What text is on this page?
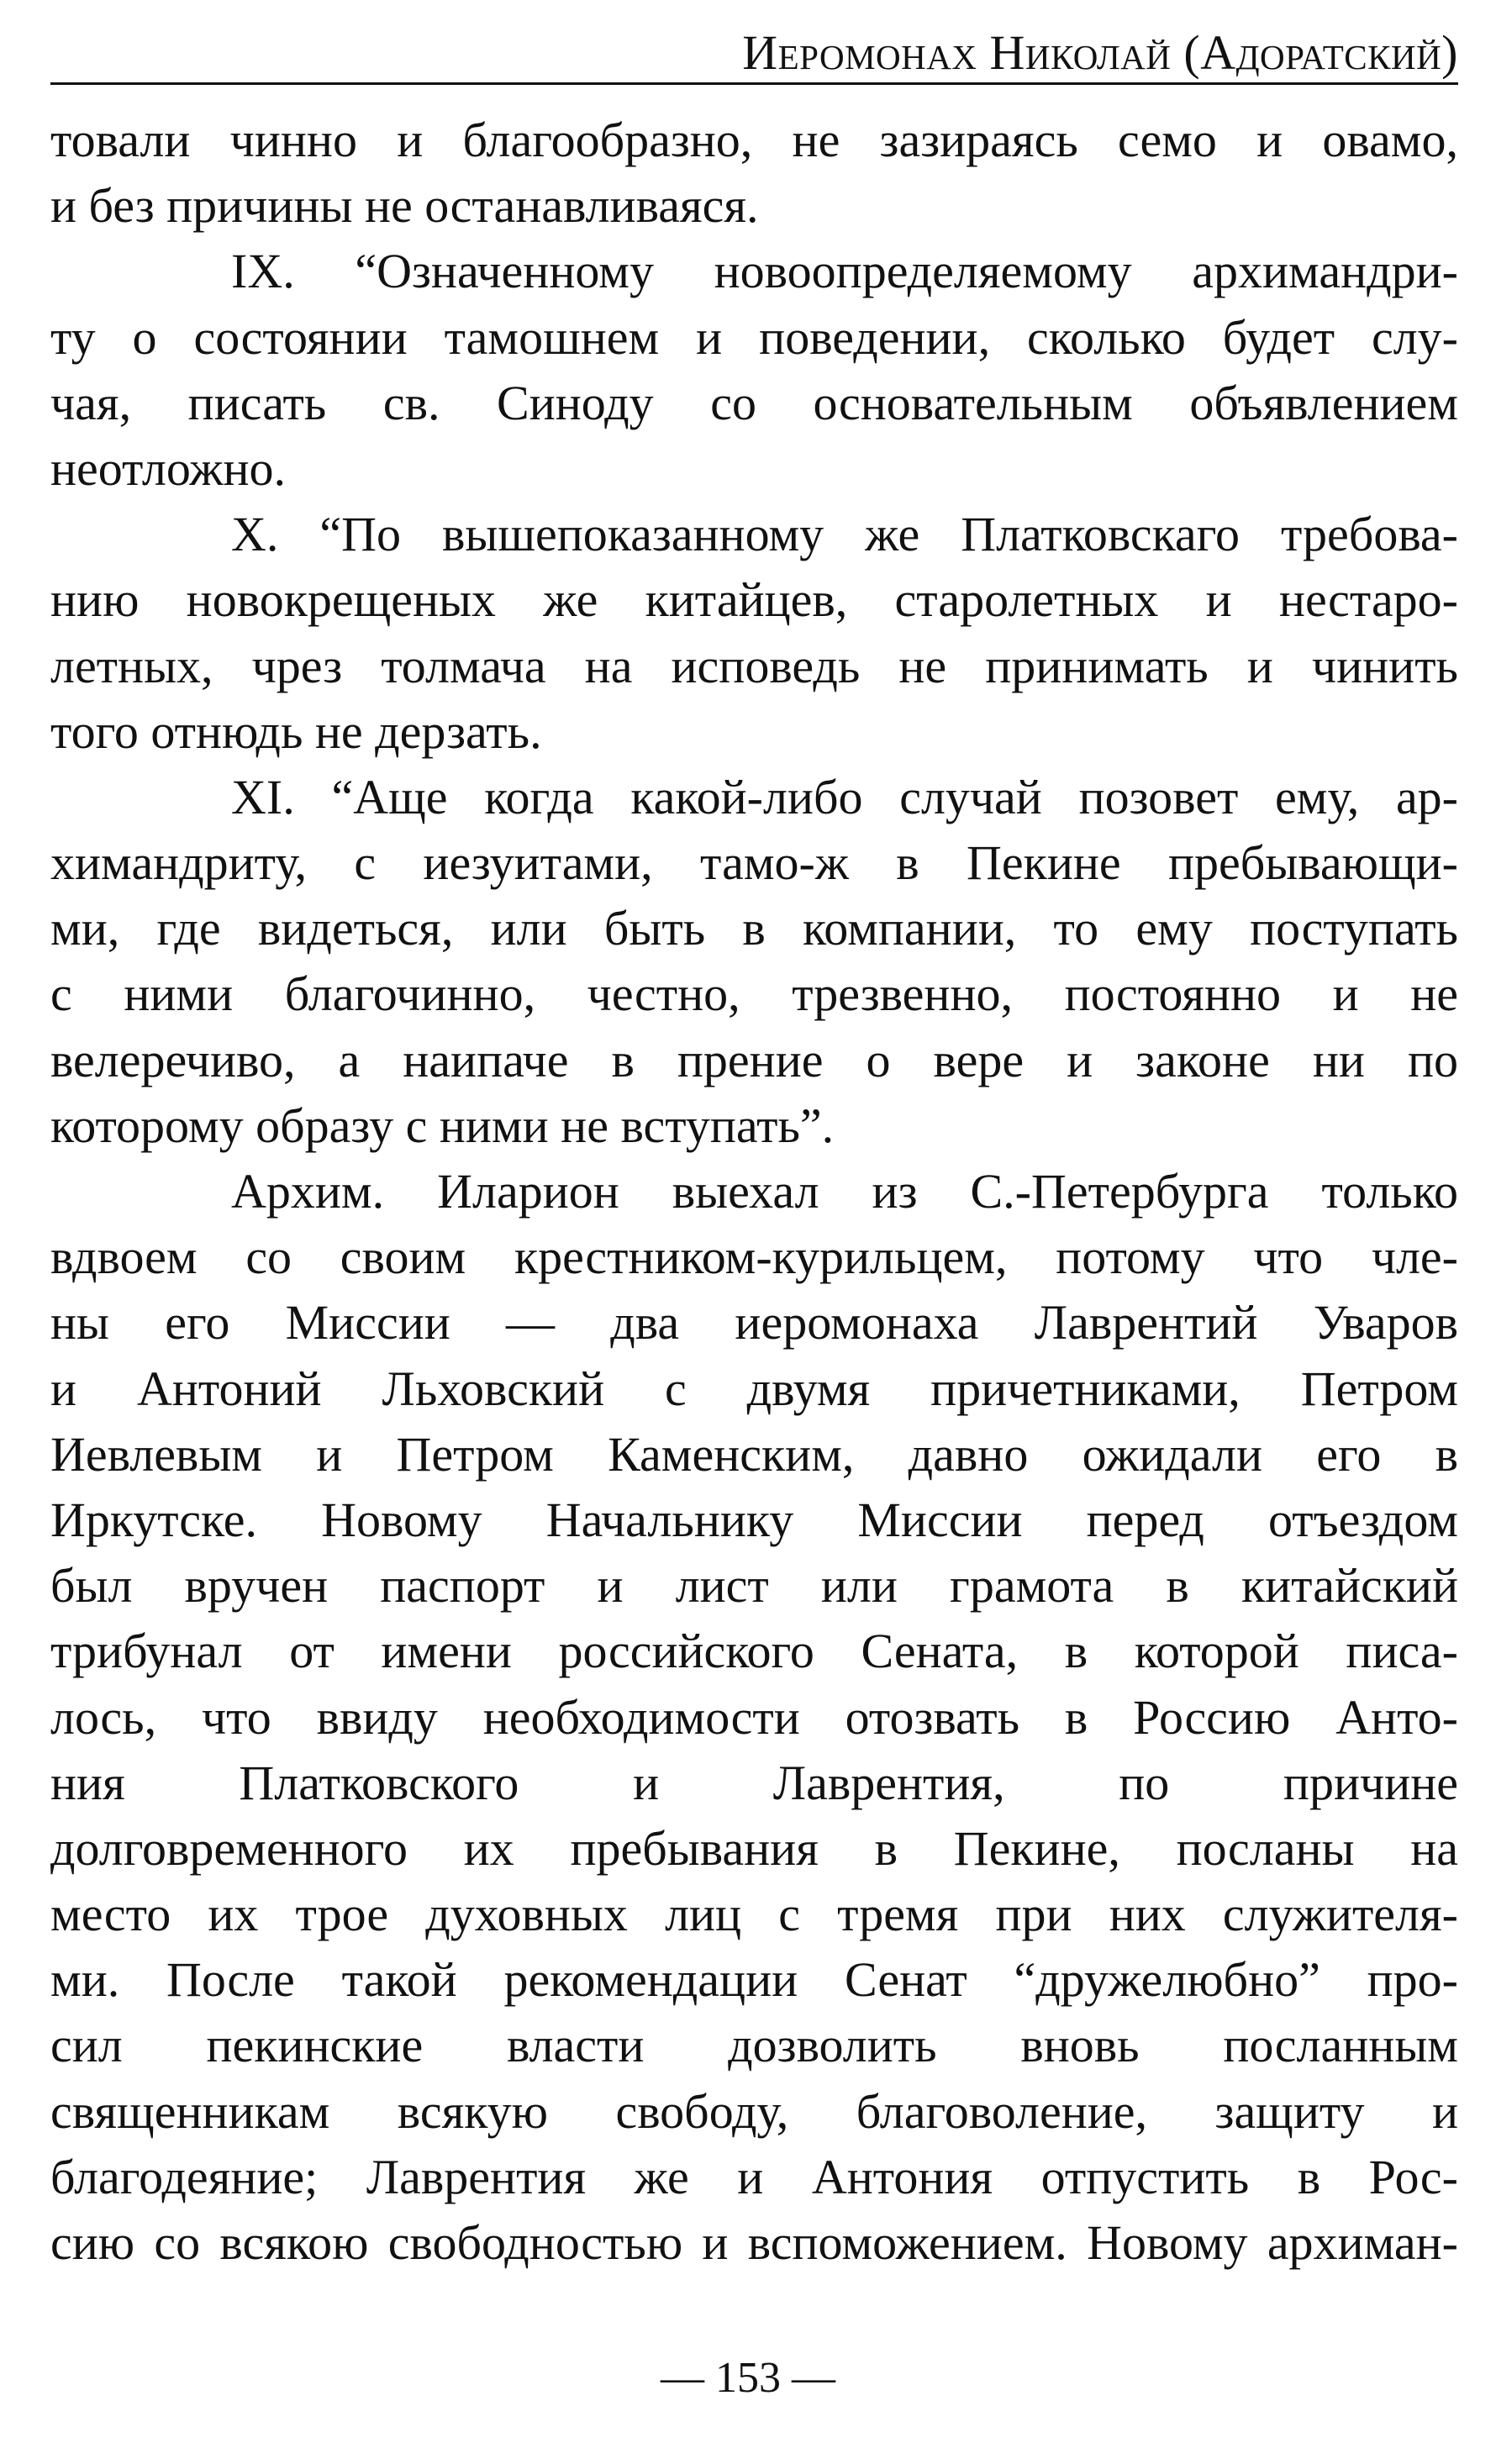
Иеромонах Николай (Адоратский)
товали чинно и благообразно, не зазираясь семо и овамо,
и без причины не останавливаяся.
IX. “Означенному новоопределяемому архимандри-
ту о состоянии тамошнем и поведении, сколько будет слу-
чая, писать св. Синоду со основательным объявлением
неотложно.
X. “По вышепоказанному же Платковскаго требова-
нию новокрещеных же китайцев, старолетных и нестаро-
летных, чрез толмача на исповедь не принимать и чинить
того отнюдь не дерзать.
XI. “Аще когда какой-либо случай позовет ему, ар-
химандриту, с иезуитами, тамо-ж в Пекине пребывающи-
ми, где видеться, или быть в компании, то ему поступать
с ними благочинно, честно, трезвенно, постоянно и не
велеречиво, а наипаче в прение о вере и законе ни по
которому образу с ними не вступать”.
Архим. Иларион выехал из С.-Петербурга только
вдвоем со своим крестником-курильцем, потому что чле-
ны его Миссии — два иеромонаха Лаврентий Уваров
и Антоний Льховский с двумя причетниками, Петром
Иевлевым и Петром Каменским, давно ожидали его в
Иркутске. Новому Начальнику Миссии перед отъездом
был вручен паспорт и лист или грамота в китайский
трибунал от имени российского Сената, в которой писа-
лось, что ввиду необходимости отозвать в Россию Анто-
ния Платковского и Лаврентия, по причине
долговременного их пребывания в Пекине, посланы на
место их трое духовных лиц с тремя при них служителя-
ми. После такой рекомендации Сенат “дружелюбно” про-
сил пекинские власти дозволить вновь посланным
священникам всякую свободу, благоволение, защиту и
благодеяние; Лаврентия же и Антония отпустить в Рос-
сию со всякою свободностью и вспоможением. Новому архиман-
— 153 —
